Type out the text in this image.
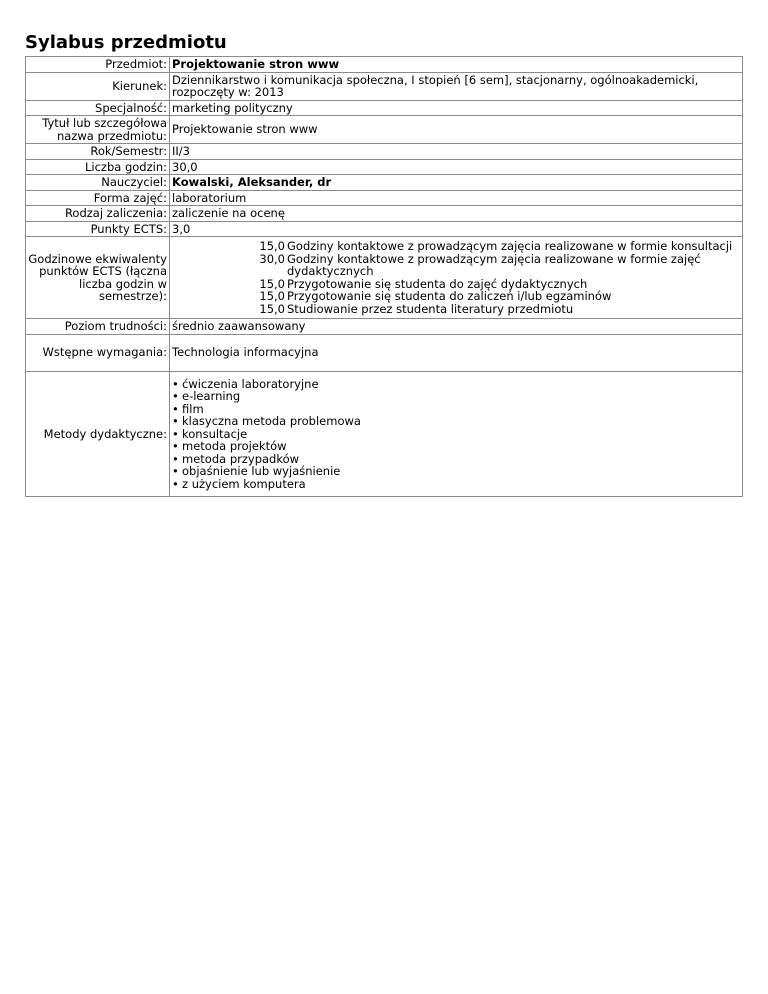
Sylabus przedmiotu
Przedmiot:	Projektowanie stron www
Kierunek:	Dziennikarstwo i komunikacja społeczna, I stopień [6 sem], stacjonarny, ogólnoakademicki, rozpoczęty w: 2013
Specjalność:	marketing polityczny
Tytuł lub szczegółowa nazwa przedmiotu:	Projektowanie stron www
Rok/Semestr:	II/3
Liczba godzin:	30,0
Nauczyciel:	Kowalski, Aleksander, dr
Forma zajęć:	laboratorium
Rodzaj zaliczenia:	zaliczenie na ocenę
Punkty ECTS:	3,0
Godzinowe ekwiwalenty punktów ECTS (łączna liczba godzin w semestrze):	
15,0	Godziny kontaktowe z prowadzącym zajęcia realizowane w formie konsultacji
30,0	Godziny kontaktowe z prowadzącym zajęcia realizowane w formie zajęć dydaktycznych
15,0	Przygotowanie się studenta do zajęć dydaktycznych
15,0	Przygotowanie się studenta do zaliczeń i/lub egzaminów
15,0	Studiowanie przez studenta literatury przedmiotu

Poziom trudności:	średnio zaawansowany
Wstępne wymagania:	Technologia informacyjna
Metody dydaktyczne:	
• ćwiczenia laboratoryjne
• e-learning
• film
• klasyczna metoda problemowa
• konsultacje
• metoda projektów
• metoda przypadków
• objaśnienie lub wyjaśnienie
• z użyciem komputera
